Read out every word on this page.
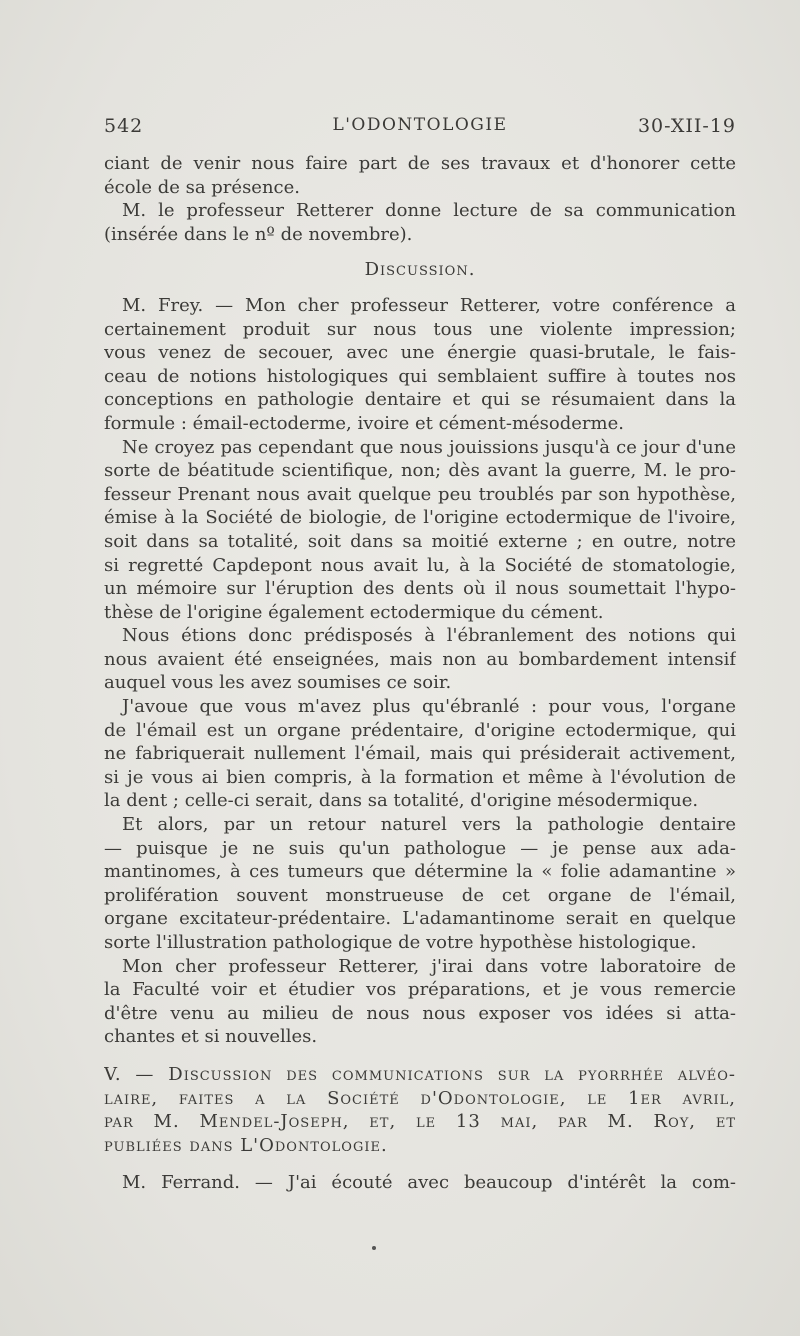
542	L'ODONTOLOGIE	30-XII-19
ciant de venir nous faire part de ses travaux et d'honorer cette
école de sa présence.
M. le professeur Retterer donne lecture de sa communication
(insérée dans le nº de novembre).
Discussion.
M. Frey. — Mon cher professeur Retterer, votre conférence a
certainement produit sur nous tous une violente impression;
vous venez de secouer, avec une énergie quasi-brutale, le fais-
ceau de notions histologiques qui semblaient suffire à toutes nos
conceptions en pathologie dentaire et qui se résumaient dans la
formule : émail-ectoderme, ivoire et cément-mésoderme.
Ne croyez pas cependant que nous jouissions jusqu'à ce jour d'une
sorte de béatitude scientifique, non; dès avant la guerre, M. le pro-
fesseur Prenant nous avait quelque peu troublés par son hypothèse,
émise à la Société de biologie, de l'origine ectodermique de l'ivoire,
soit dans sa totalité, soit dans sa moitié externe ; en outre, notre
si regretté Capdepont nous avait lu, à la Société de stomatologie,
un mémoire sur l'éruption des dents où il nous soumettait l'hypo-
thèse de l'origine également ectodermique du cément.
Nous étions donc prédisposés à l'ébranlement des notions qui
nous avaient été enseignées, mais non au bombardement intensif
auquel vous les avez soumises ce soir.
J'avoue que vous m'avez plus qu'ébranlé : pour vous, l'organe
de l'émail est un organe prédentaire, d'origine ectodermique, qui
ne fabriquerait nullement l'émail, mais qui présiderait activement,
si je vous ai bien compris, à la formation et même à l'évolution de
la dent ; celle-ci serait, dans sa totalité, d'origine mésodermique.
Et alors, par un retour naturel vers la pathologie dentaire
— puisque je ne suis qu'un pathologue — je pense aux ada-
mantinomes, à ces tumeurs que détermine la « folie adamantine »
prolifération souvent monstrueuse de cet organe de l'émail,
organe excitateur-prédentaire. L'adamantinome serait en quelque
sorte l'illustration pathologique de votre hypothèse histologique.
Mon cher professeur Retterer, j'irai dans votre laboratoire de
la Faculté voir et étudier vos préparations, et je vous remercie
d'être venu au milieu de nous nous exposer vos idées si atta-
chantes et si nouvelles.
V. — Discussion des communications sur la pyorrhée alvéo-
laire, faites a la Société d'Odontologie, le 1er avril,
par M. Mendel-Joseph, et, le 13 mai, par M. Roy, et
publiées dans L'Odontologie.
M. Ferrand. — J'ai écouté avec beaucoup d'intérêt la com-
